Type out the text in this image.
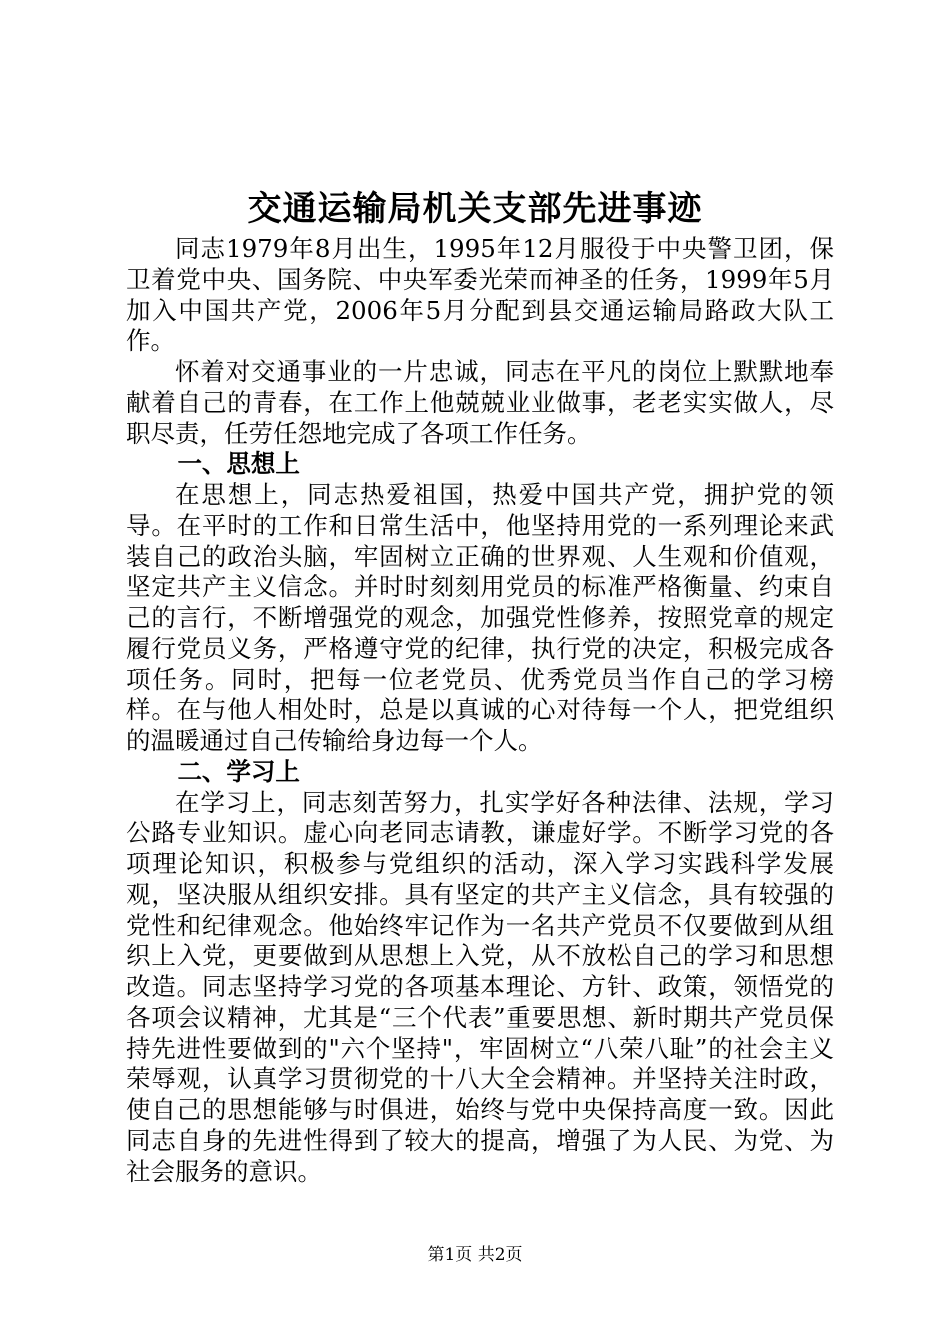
交通运输局机关支部先进事迹

同志1979年8月出生，1995年12月服役于中央警卫团，保卫着党中央、国务院、中央军委光荣而神圣的任务，1999年5月加入中国共产党，2006年5月分配到县交通运输局路政大队工作。

怀着对交通事业的一片忠诚，同志在平凡的岗位上默默地奉献着自己的青春，在工作上他兢兢业业做事，老老实实做人，尽职尽责，任劳任怨地完成了各项工作任务。

一、思想上

在思想上，同志热爱祖国，热爱中国共产党，拥护党的领导。在平时的工作和日常生活中，他坚持用党的一系列理论来武装自己的政治头脑，牢固树立正确的世界观、人生观和价值观，坚定共产主义信念。并时时刻刻用党员的标准严格衡量、约束自己的言行，不断增强党的观念，加强党性修养，按照党章的规定履行党员义务，严格遵守党的纪律，执行党的决定，积极完成各项任务。同时，把每一位老党员、优秀党员当作自己的学习榜样。在与他人相处时，总是以真诚的心对待每一个人，把党组织的温暖通过自己传输给身边每一个人。

二、学习上

在学习上，同志刻苦努力，扎实学好各种法律、法规，学习公路专业知识。虚心向老同志请教，谦虚好学。不断学习党的各项理论知识，积极参与党组织的活动，深入学习实践科学发展观，坚决服从组织安排。具有坚定的共产主义信念，具有较强的党性和纪律观念。他始终牢记作为一名共产党员不仅要做到从组织上入党，更要做到从思想上入党，从不放松自己的学习和思想改造。同志坚持学习党的各项基本理论、方针、政策，领悟党的各项会议精神，尤其是“三个代表”重要思想、新时期共产党员保持先进性要做到的"六个坚持"，牢固树立“八荣八耻”的社会主义荣辱观，认真学习贯彻党的十八大全会精神。并坚持关注时政，使自己的思想能够与时俱进，始终与党中央保持高度一致。因此同志自身的先进性得到了较大的提高，增强了为人民、为党、为社会服务的意识。

第1页 共2页
